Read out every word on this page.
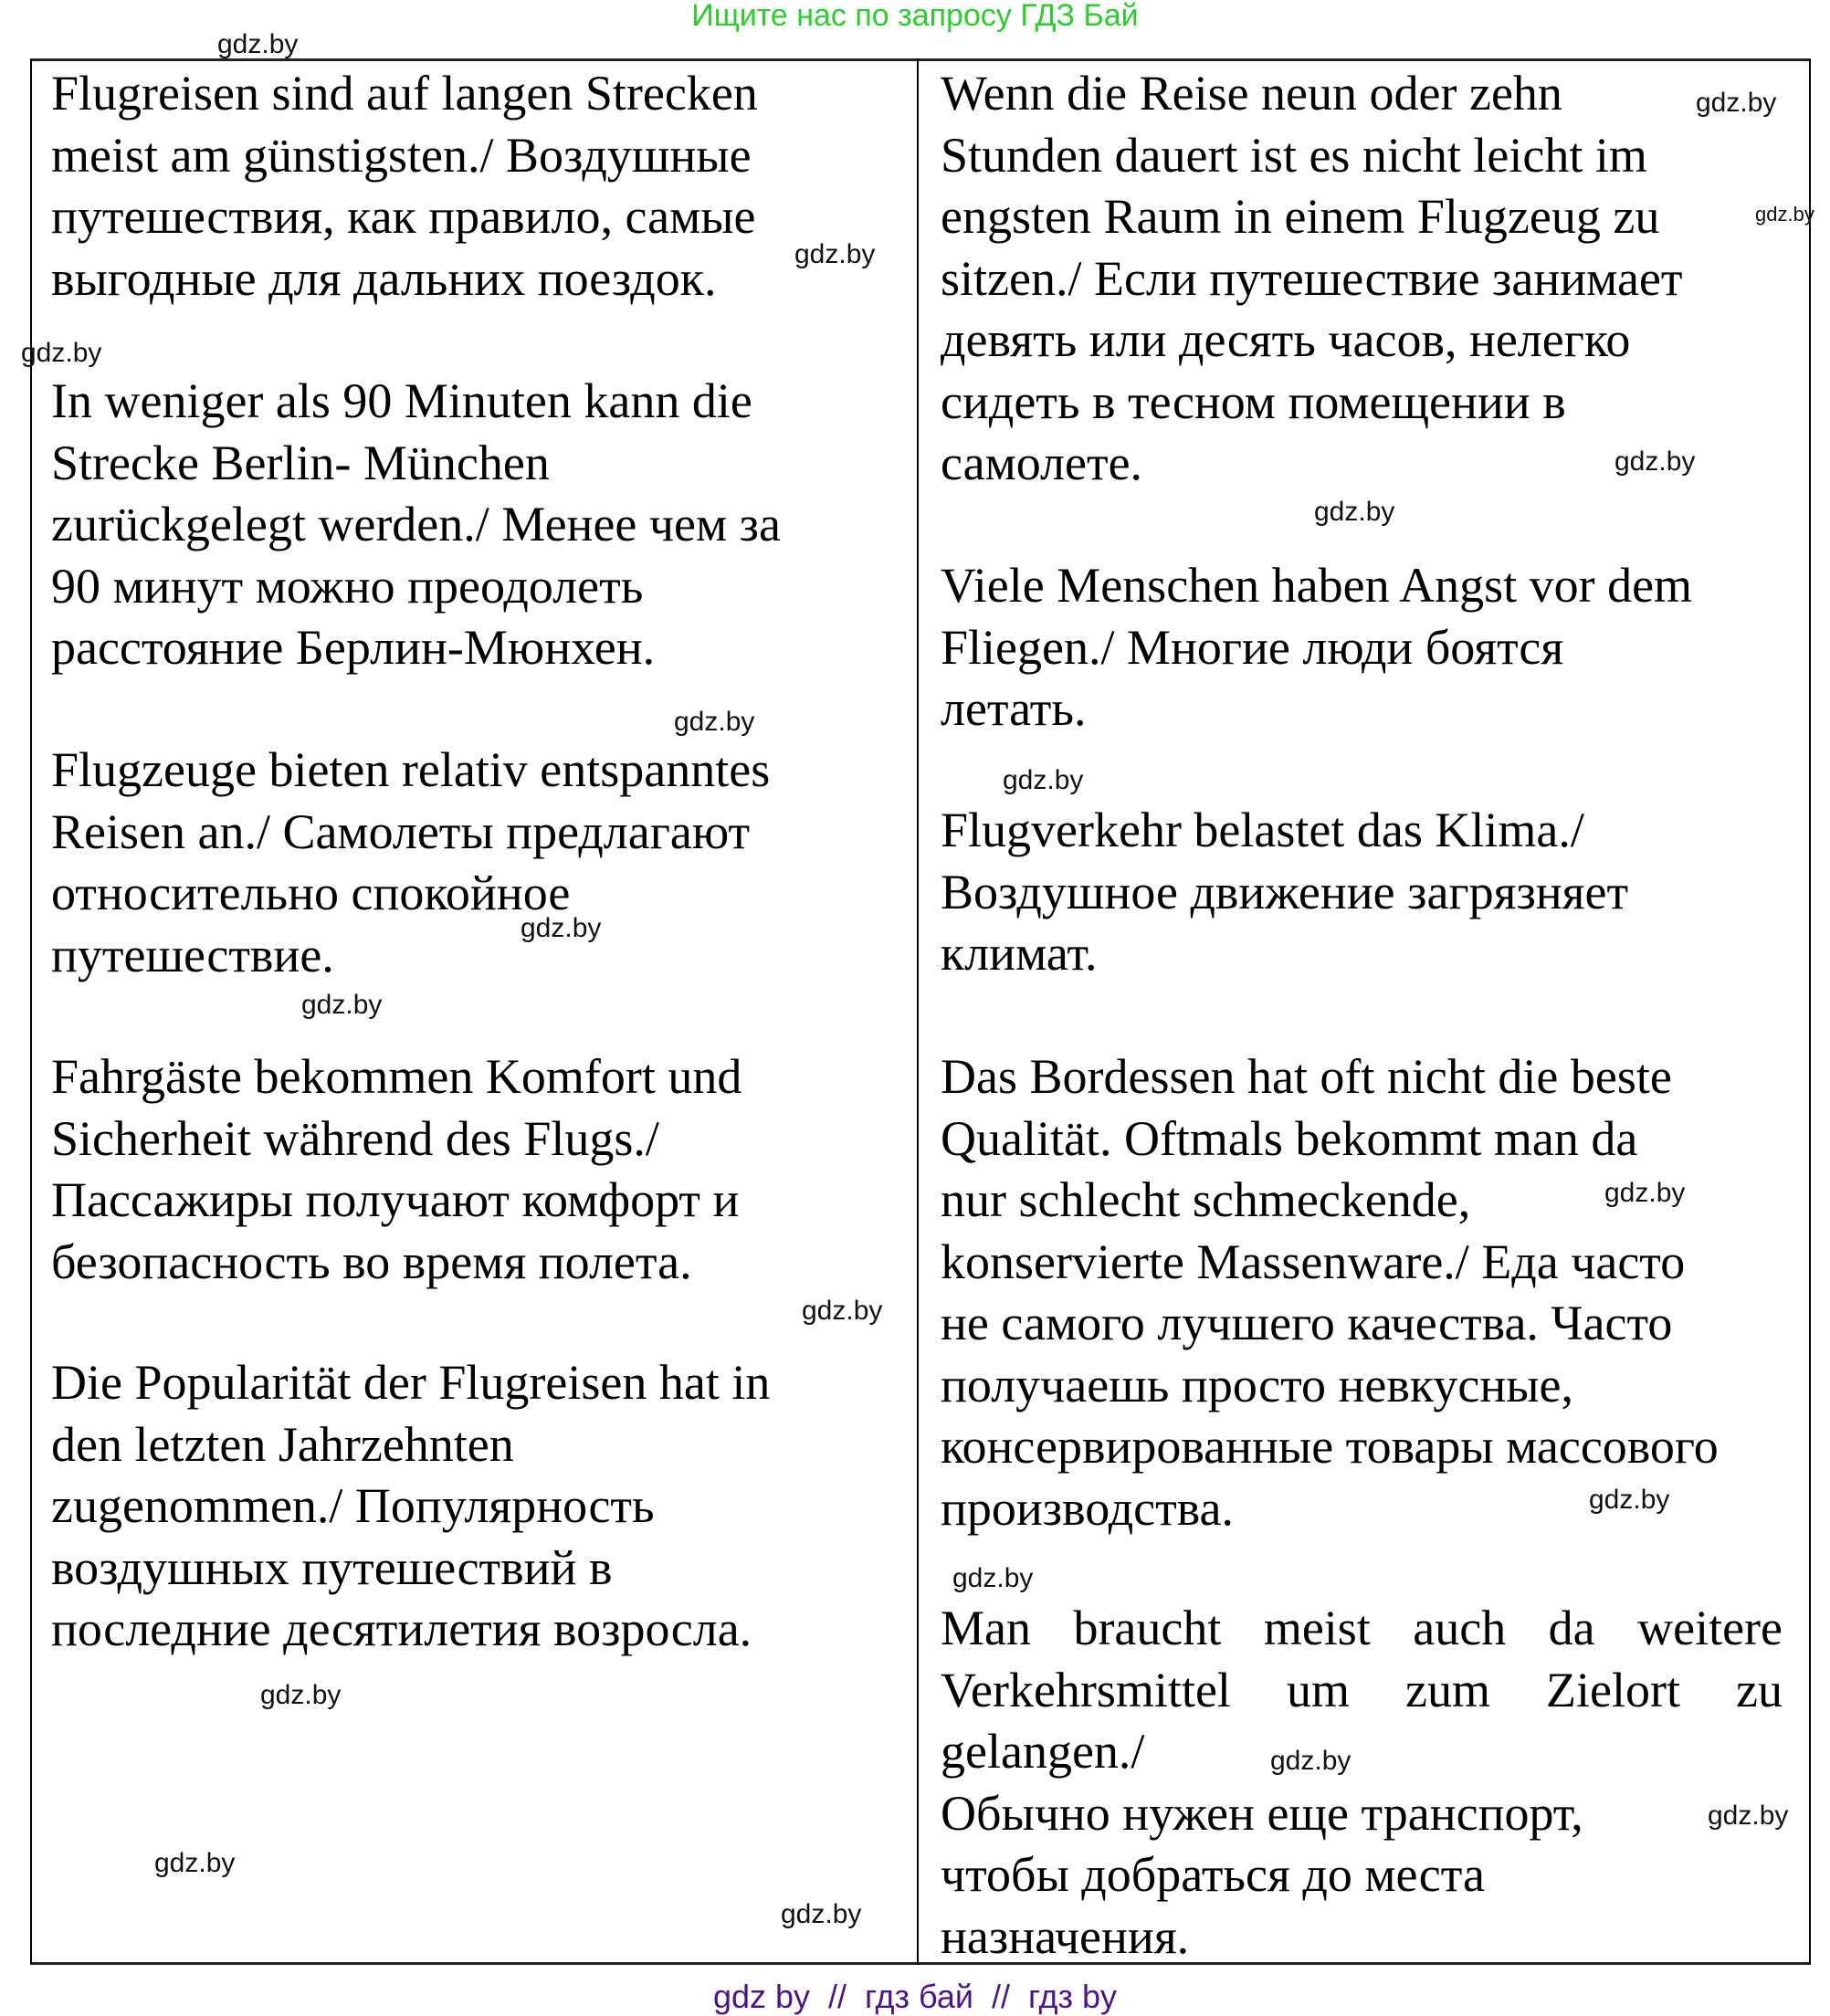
Ищите нас по запросу ГДЗ Бай
Flugreisen sind auf langen Strecken
meist am günstigsten./ Воздушные
путешествия, как правило, самые
выгодные для дальних поездок.
In weniger als 90 Minuten kann die
Strecke Berlin- München
zurückgelegt werden./ Менее чем за
90 минут можно преодолеть
расстояние Берлин-Мюнхен.
Flugzeuge bieten relativ entspanntes
Reisen an./ Самолеты предлагают
относительно спокойное
путешествие.
Fahrgäste bekommen Komfort und
Sicherheit während des Flugs./
Пассажиры получают комфорт и
безопасность во время полета.
Die Popularität der Flugreisen hat in
den letzten Jahrzehnten
zugenommen./ Популярность
воздушных путешествий в
последние десятилетия возросла.
Wenn die Reise neun oder zehn
Stunden dauert ist es nicht leicht im
engsten Raum in einem Flugzeug zu
sitzen./ Если путешествие занимает
девять или десять часов, нелегко
сидеть в тесном помещении в
самолете.
Viele Menschen haben Angst vor dem
Fliegen./ Многие люди боятся
летать.
Flugverkehr belastet das Klima./
Воздушное движение загрязняет
климат.
Das Bordessen hat oft nicht die beste
Qualität. Oftmals bekommt man da
nur schlecht schmeckende,
konservierte Massenware./ Еда часто
не самого лучшего качества. Часто
получаешь просто невкусные,
консервированные товары массового
производства.
Man braucht meist auch da weitere
Verkehrsmittel um zum Zielort zu
gelangen./
Обычно нужен еще транспорт,
чтобы добраться до места
назначения.
gdz.by
gdz.by
gdz.by
gdz.by
gdz.by
gdz.by
gdz.by
gdz.by
gdz.by
gdz.by
gdz.by
gdz.by
gdz.by
gdz.by
gdz.by
gdz.by
gdz.by
gdz.by
gdz.by
gdz.by
gdz by  //  гдз бай  //  гдз by
